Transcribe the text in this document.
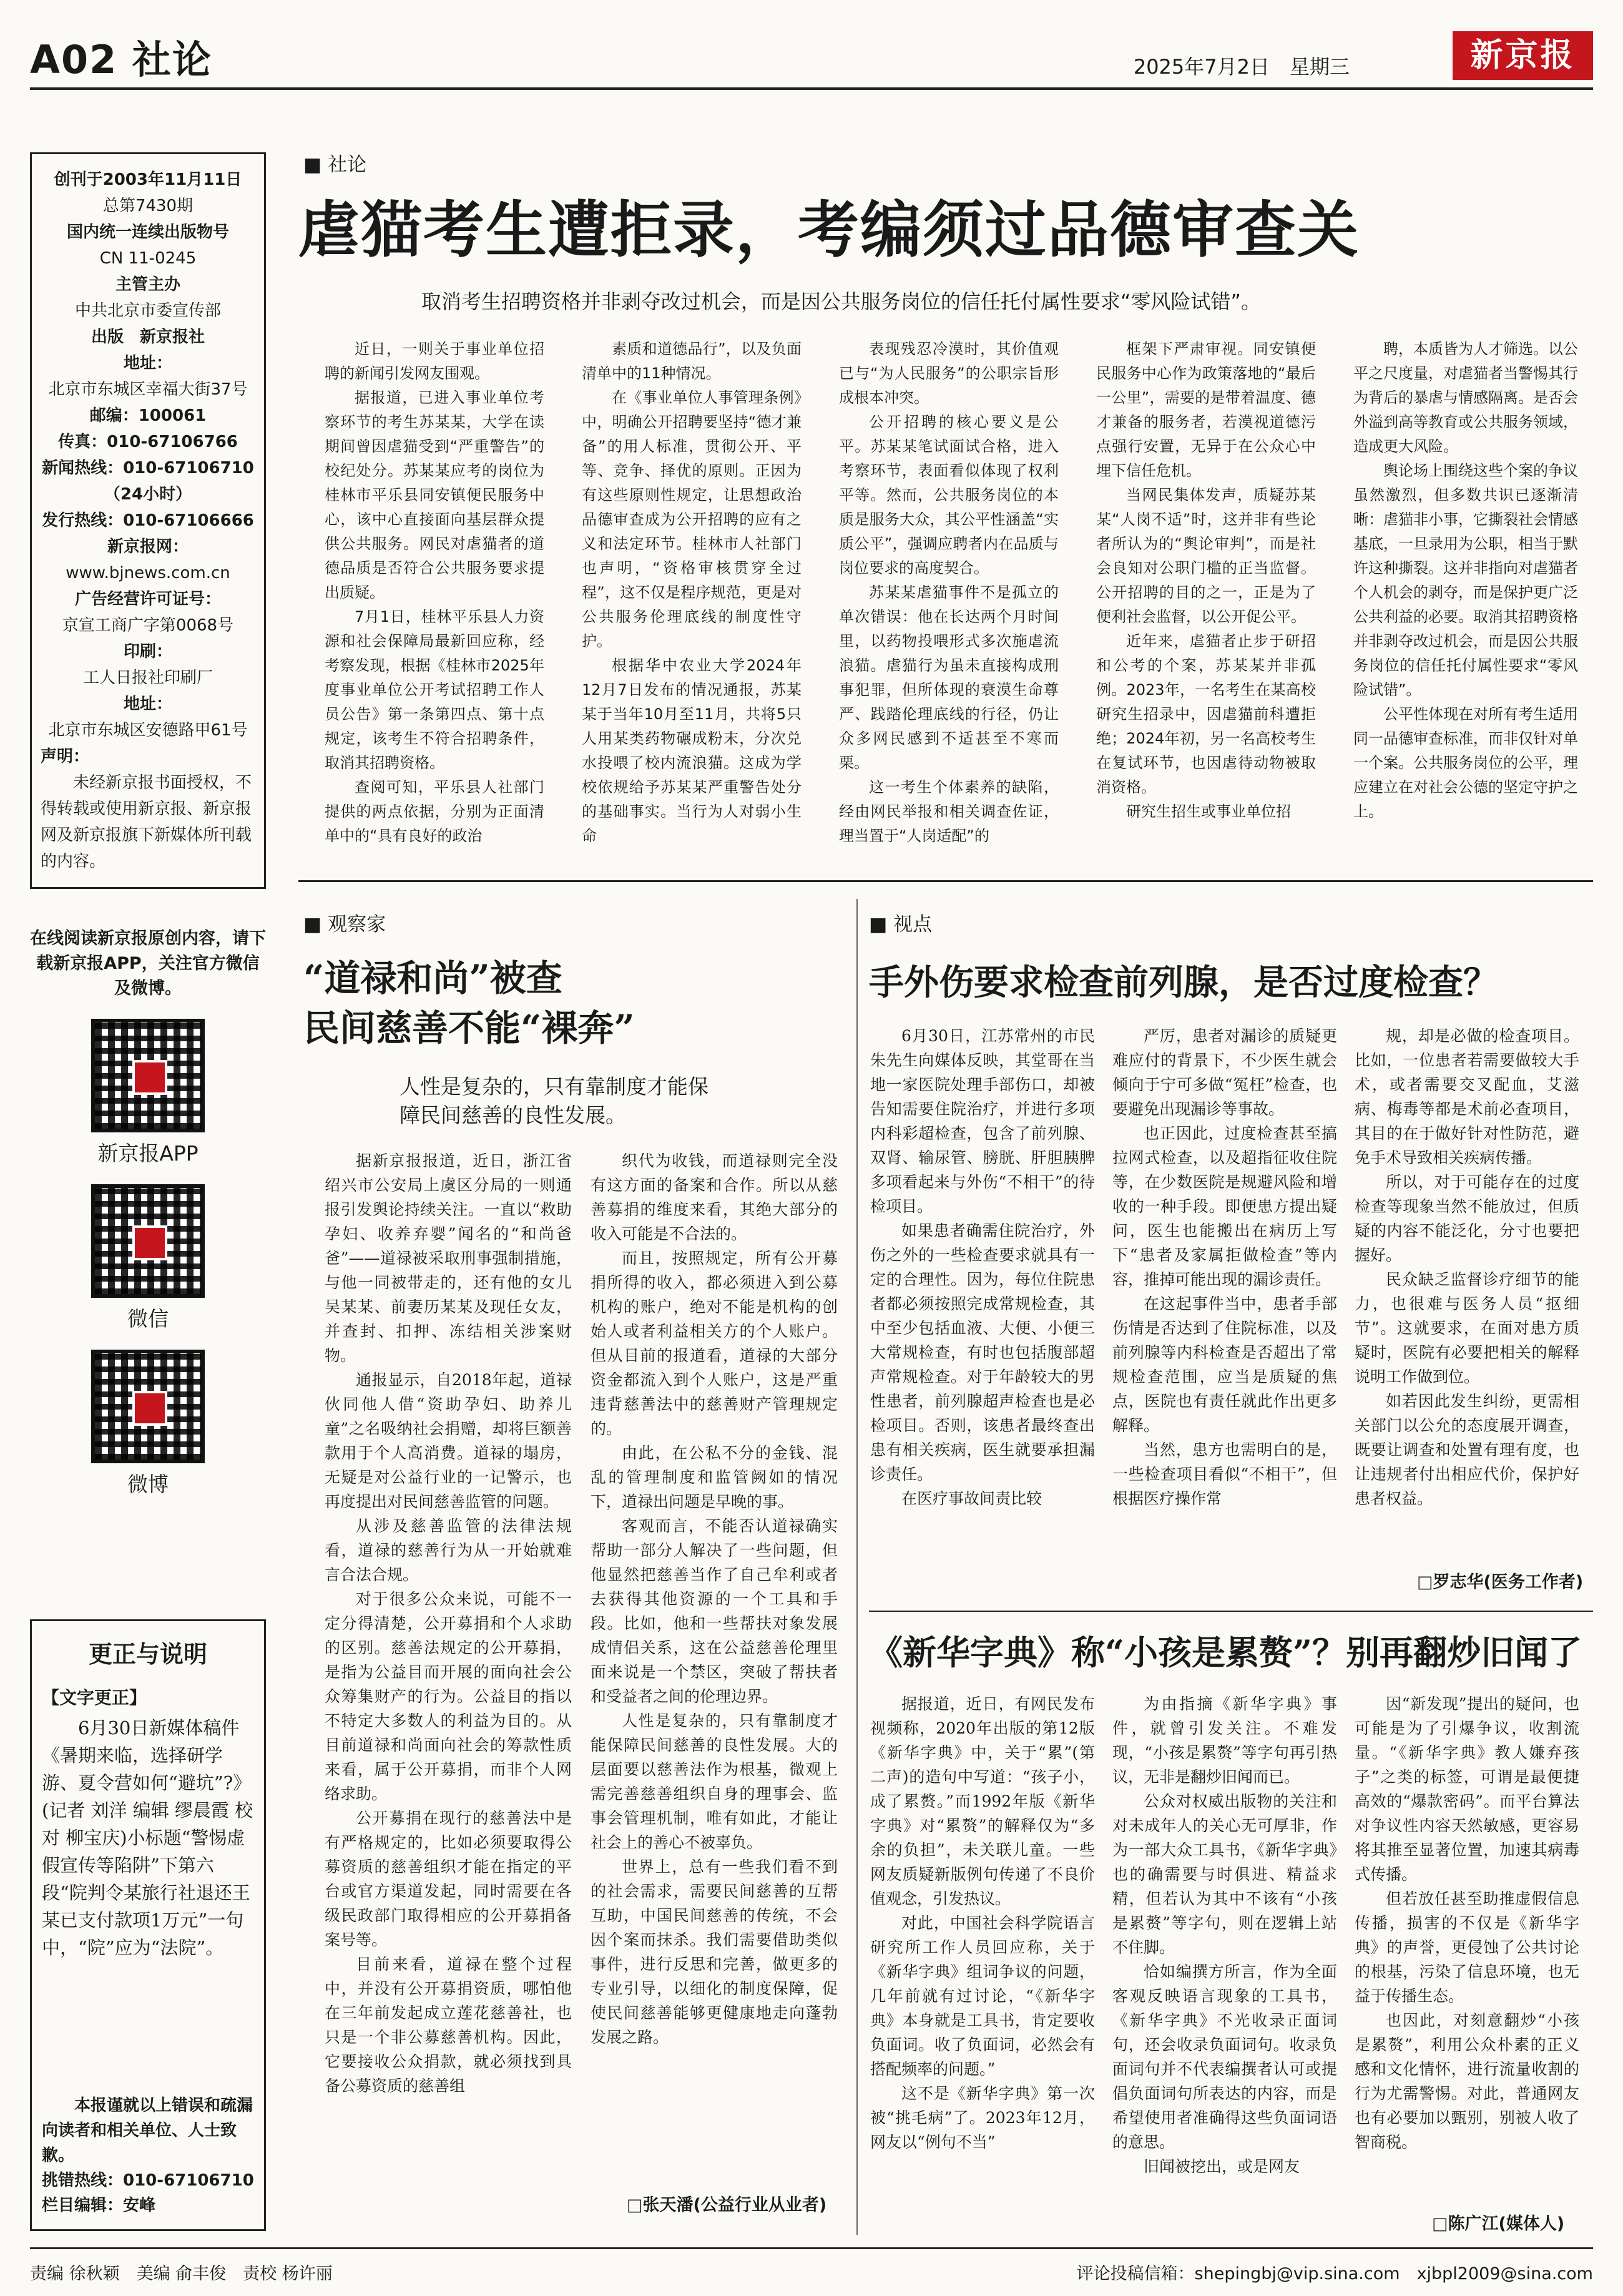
A02 社论	2025年7月2日　星期三	新京报
创刊于2003年11月11日
总第7430期
国内统一连续出版物号
CN 11-0245
主管主办
中共北京市委宣传部
出版　新京报社
地址：
北京市东城区幸福大街37号
邮编：100061
传真：010-67106766
新闻热线：010-67106710（24小时）
发行热线：010-67106666
新京报网：
www.bjnews.com.cn
广告经营许可证号：
京宣工商广字第0068号
印刷：
工人日报社印刷厂
地址：
北京市东城区安德路甲61号
声明：
未经新京报书面授权，不得转载或使用新京报、新京报网及新京报旗下新媒体所刊载的内容。
在线阅读新京报原创内容，请下载新京报APP，关注官方微信及微博。
新京报APP
微信
微博
更正与说明
【文字更正】

6月30日新媒体稿件《暑期来临，选择研学游、夏令营如何“避坑”?》(记者 刘洋 编辑 缪晨霞 校对 柳宝庆)小标题“警惕虚假宣传等陷阱”下第六段“院判令某旅行社退还王某已支付款项1万元”一句中，“院”应为“法院”。

本报谨就以上错误和疏漏向读者和相关单位、人士致歉。
挑错热线：010-67106710
栏目编辑：安峰
■ 社论
虐猫考生遭拒录，考编须过品德审查关
取消考生招聘资格并非剥夺改过机会，而是因公共服务岗位的信任托付属性要求“零风险试错”。

近日，一则关于事业单位招聘的新闻引发网友围观。

据报道，已进入事业单位考察环节的考生苏某某，大学在读期间曾因虐猫受到“严重警告”的校纪处分。苏某某应考的岗位为桂林市平乐县同安镇便民服务中心，该中心直接面向基层群众提供公共服务。网民对虐猫者的道德品质是否符合公共服务要求提出质疑。

7月1日，桂林平乐县人力资源和社会保障局最新回应称，经考察发现，根据《桂林市2025年度事业单位公开考试招聘工作人员公告》第一条第四点、第十点规定，该考生不符合招聘条件，取消其招聘资格。

查阅可知，平乐县人社部门提供的两点依据，分别为正面清单中的“具有良好的政治

素质和道德品行”，以及负面清单中的11种情况。

在《事业单位人事管理条例》中，明确公开招聘要坚持“德才兼备”的用人标准，贯彻公开、平等、竞争、择优的原则。正因为有这些原则性规定，让思想政治品德审查成为公开招聘的应有之义和法定环节。桂林市人社部门也声明，“资格审核贯穿全过程”，这不仅是程序规范，更是对公共服务伦理底线的制度性守护。

根据华中农业大学2024年12月7日发布的情况通报，苏某某于当年10月至11月，共将5只人用某类药物碾成粉末，分次兑水投喂了校内流浪猫。这成为学校依规给予苏某某严重警告处分的基础事实。当行为人对弱小生命

表现残忍冷漠时，其价值观已与“为人民服务”的公职宗旨形成根本冲突。

公开招聘的核心要义是公平。苏某某笔试面试合格，进入考察环节，表面看似体现了权利平等。然而，公共服务岗位的本质是服务大众，其公平性涵盖“实质公平”，强调应聘者内在品质与岗位要求的高度契合。

苏某某虐猫事件不是孤立的单次错误：他在长达两个月时间里，以药物投喂形式多次施虐流浪猫。虐猫行为虽未直接构成刑事犯罪，但所体现的衰漠生命尊严、践踏伦理底线的行径，仍让众多网民感到不适甚至不寒而栗。

这一考生个体素养的缺陷，经由网民举报和相关调查佐证，理当置于“人岗适配”的

框架下严肃审视。同安镇便民服务中心作为政策落地的“最后一公里”，需要的是带着温度、德才兼备的服务者，若漠视道德污点强行安置，无异于在公众心中埋下信任危机。

当网民集体发声，质疑苏某某“人岗不适”时，这并非有些论者所认为的“舆论审判”，而是社会良知对公职门槛的正当监督。公开招聘的目的之一，正是为了便利社会监督，以公开促公平。

近年来，虐猫者止步于研招和公考的个案，苏某某并非孤例。2023年，一名考生在某高校研究生招录中，因虐猫前科遭拒绝；2024年初，另一名高校考生在复试环节，也因虐待动物被取消资格。

研究生招生或事业单位招

聘，本质皆为人才筛选。以公平之尺度量，对虐猫者当警惕其行为背后的暴虐与情感隔离。是否会外溢到高等教育或公共服务领域，造成更大风险。

舆论场上围绕这些个案的争议虽然激烈，但多数共识已逐渐清晰：虐猫非小事，它撕裂社会情感基底，一旦录用为公职，相当于默许这种撕裂。这并非指向对虐猫者个人机会的剥夺，而是保护更广泛公共利益的必要。取消其招聘资格并非剥夺改过机会，而是因公共服务岗位的信任托付属性要求“零风险试错”。

公平性体现在对所有考生适用同一品德审查标准，而非仅针对单一个案。公共服务岗位的公平，理应建立在对社会公德的坚定守护之上。

■ 观察家
“道禄和尚”被查
民间慈善不能“裸奔”
人性是复杂的，只有靠制度才能保障民间慈善的良性发展。

据新京报报道，近日，浙江省绍兴市公安局上虞区分局的一则通报引发舆论持续关注。一直以“救助孕妇、收养弃婴”闻名的“和尚爸爸”——道禄被采取刑事强制措施，与他一同被带走的，还有他的女儿吴某某、前妻历某某及现任女友，并查封、扣押、冻结相关涉案财物。

通报显示，自2018年起，道禄伙同他人借“资助孕妇、助养儿童”之名吸纳社会捐赠，却将巨额善款用于个人高消费。道禄的塌房，无疑是对公益行业的一记警示，也再度提出对民间慈善监管的问题。

从涉及慈善监管的法律法规看，道禄的慈善行为从一开始就难言合法合规。

对于很多公众来说，可能不一定分得清楚，公开募捐和个人求助的区别。慈善法规定的公开募捐，是指为公益目而开展的面向社会公众筹集财产的行为。公益目的指以不特定大多数人的利益为目的。从目前道禄和尚面向社会的筹款性质来看，属于公开募捐，而非个人网络求助。

公开募捐在现行的慈善法中是有严格规定的，比如必须要取得公募资质的慈善组织才能在指定的平台或官方渠道发起，同时需要在各级民政部门取得相应的公开募捐备案号等。

目前来看，道禄在整个过程中，并没有公开募捐资质，哪怕他在三年前发起成立莲花慈善社，也只是一个非公募慈善机构。因此，它要接收公众捐款，就必须找到具备公募资质的慈善组

织代为收钱，而道禄则完全没有这方面的备案和合作。所以从慈善募捐的维度来看，其绝大部分的收入可能是不合法的。

而且，按照规定，所有公开募捐所得的收入，都必须进入到公募机构的账户，绝对不能是机构的创始人或者利益相关方的个人账户。但从目前的报道看，道禄的大部分资金都流入到个人账户，这是严重违背慈善法中的慈善财产管理规定的。

由此，在公私不分的金钱、混乱的管理制度和监管阙如的情况下，道禄出问题是早晚的事。

客观而言，不能否认道禄确实帮助一部分人解决了一些问题，但他显然把慈善当作了自己牟利或者去获得其他资源的一个工具和手段。比如，他和一些帮扶对象发展成情侣关系，这在公益慈善伦理里面来说是一个禁区，突破了帮扶者和受益者之间的伦理边界。

人性是复杂的，只有靠制度才能保障民间慈善的良性发展。大的层面要以慈善法作为根基，微观上需完善慈善组织自身的理事会、监事会管理机制，唯有如此，才能让社会上的善心不被辜负。

世界上，总有一些我们看不到的社会需求，需要民间慈善的互帮互助，中国民间慈善的传统，不会因个案而抹杀。我们需要借助类似事件，进行反思和完善，做更多的专业引导，以细化的制度保障，促使民间慈善能够更健康地走向蓬勃发展之路。

□张天潘(公益行业从业者)
■ 视点
手外伤要求检查前列腺，是否过度检查？

6月30日，江苏常州的市民朱先生向媒体反映，其堂哥在当地一家医院处理手部伤口，却被告知需要住院治疗，并进行多项内科彩超检查，包含了前列腺、双肾、输尿管、膀胱、肝胆胰脾多项看起来与外伤“不相干”的待检项目。

如果患者确需住院治疗，外伤之外的一些检查要求就具有一定的合理性。因为，每位住院患者都必须按照完成常规检查，其中至少包括血液、大便、小便三大常规检查，有时也包括腹部超声常规检查。对于年龄较大的男性患者，前列腺超声检查也是必检项目。否则，该患者最终查出患有相关疾病，医生就要承担漏诊责任。

在医疗事故间责比较

严厉，患者对漏诊的质疑更难应付的背景下，不少医生就会倾向于宁可多做“冤枉”检查，也要避免出现漏诊等事故。

也正因此，过度检查甚至搞拉网式检查，以及超指征收住院等，在少数医院是规避风险和增收的一种手段。即便患方提出疑问，医生也能搬出在病历上写下“患者及家属拒做检查”等内容，推掉可能出现的漏诊责任。

在这起事件当中，患者手部伤情是否达到了住院标准，以及前列腺等内科检查是否超出了常规检查范围，应当是质疑的焦点，医院也有责任就此作出更多解释。

当然，患方也需明白的是，一些检查项目看似“不相干”，但根据医疗操作常

规，却是必做的检查项目。比如，一位患者若需要做较大手术，或者需要交叉配血，艾滋病、梅毒等都是术前必查项目，其目的在于做好针对性防范，避免手术导致相关疾病传播。

所以，对于可能存在的过度检查等现象当然不能放过，但质疑的内容不能泛化，分寸也要把握好。

民众缺乏监督诊疗细节的能力，也很难与医务人员“抠细节”。这就要求，在面对患方质疑时，医院有必要把相关的解释说明工作做到位。

如若因此发生纠纷，更需相关部门以公允的态度展开调查，既要让调查和处置有理有度，也让违规者付出相应代价，保护好患者权益。

□罗志华(医务工作者)
《新华字典》称“小孩是累赘”？别再翻炒旧闻了

据报道，近日，有网民发布视频称，2020年出版的第12版《新华字典》中，关于“累”(第二声)的造句中写道：“孩子小，成了累赘。”而1992年版《新华字典》对“累赘”的解释仅为“多余的负担”，未关联儿童。一些网友质疑新版例句传递了不良价值观念，引发热议。

对此，中国社会科学院语言研究所工作人员回应称，关于《新华字典》组词争议的问题，几年前就有过讨论，“《新华字典》本身就是工具书，肯定要收负面词。收了负面词，必然会有搭配频率的问题。”

这不是《新华字典》第一次被“挑毛病”了。2023年12月，网友以“例句不当”

为由指摘《新华字典》事件，就曾引发关注。不难发现，“小孩是累赘”等字句再引热议，无非是翻炒旧闻而已。

公众对权威出版物的关注和对未成年人的关心无可厚非，作为一部大众工具书，《新华字典》也的确需要与时俱进、精益求精，但若认为其中不该有“小孩是累赘”等字句，则在逻辑上站不住脚。

恰如编撰方所言，作为全面客观反映语言现象的工具书，《新华字典》不光收录正面词句，还会收录负面词句。收录负面词句并不代表编撰者认可或提倡负面词句所表达的内容，而是希望使用者准确得这些负面词语的意思。

旧闻被挖出，或是网友

因“新发现”提出的疑问，也可能是为了引爆争议，收割流量。“《新华字典》教人嫌弃孩子”之类的标签，可谓是最便捷高效的“爆款密码”。而平台算法对争议性内容天然敏感，更容易将其推至显著位置，加速其病毒式传播。

但若放任甚至助推虚假信息传播，损害的不仅是《新华字典》的声誉，更侵蚀了公共讨论的根基，污染了信息环境，也无益于传播生态。

也因此，对刻意翻炒“小孩是累赘”，利用公众朴素的正义感和文化情怀，进行流量收割的行为尤需警惕。对此，普通网友也有必要加以甄别，别被人收了智商税。

□陈广江(媒体人)
责编 徐秋颖　美编 俞丰俊　责校 杨许丽	评论投稿信箱：shepingbj@vip.sina.com　xjbpl2009@sina.com
